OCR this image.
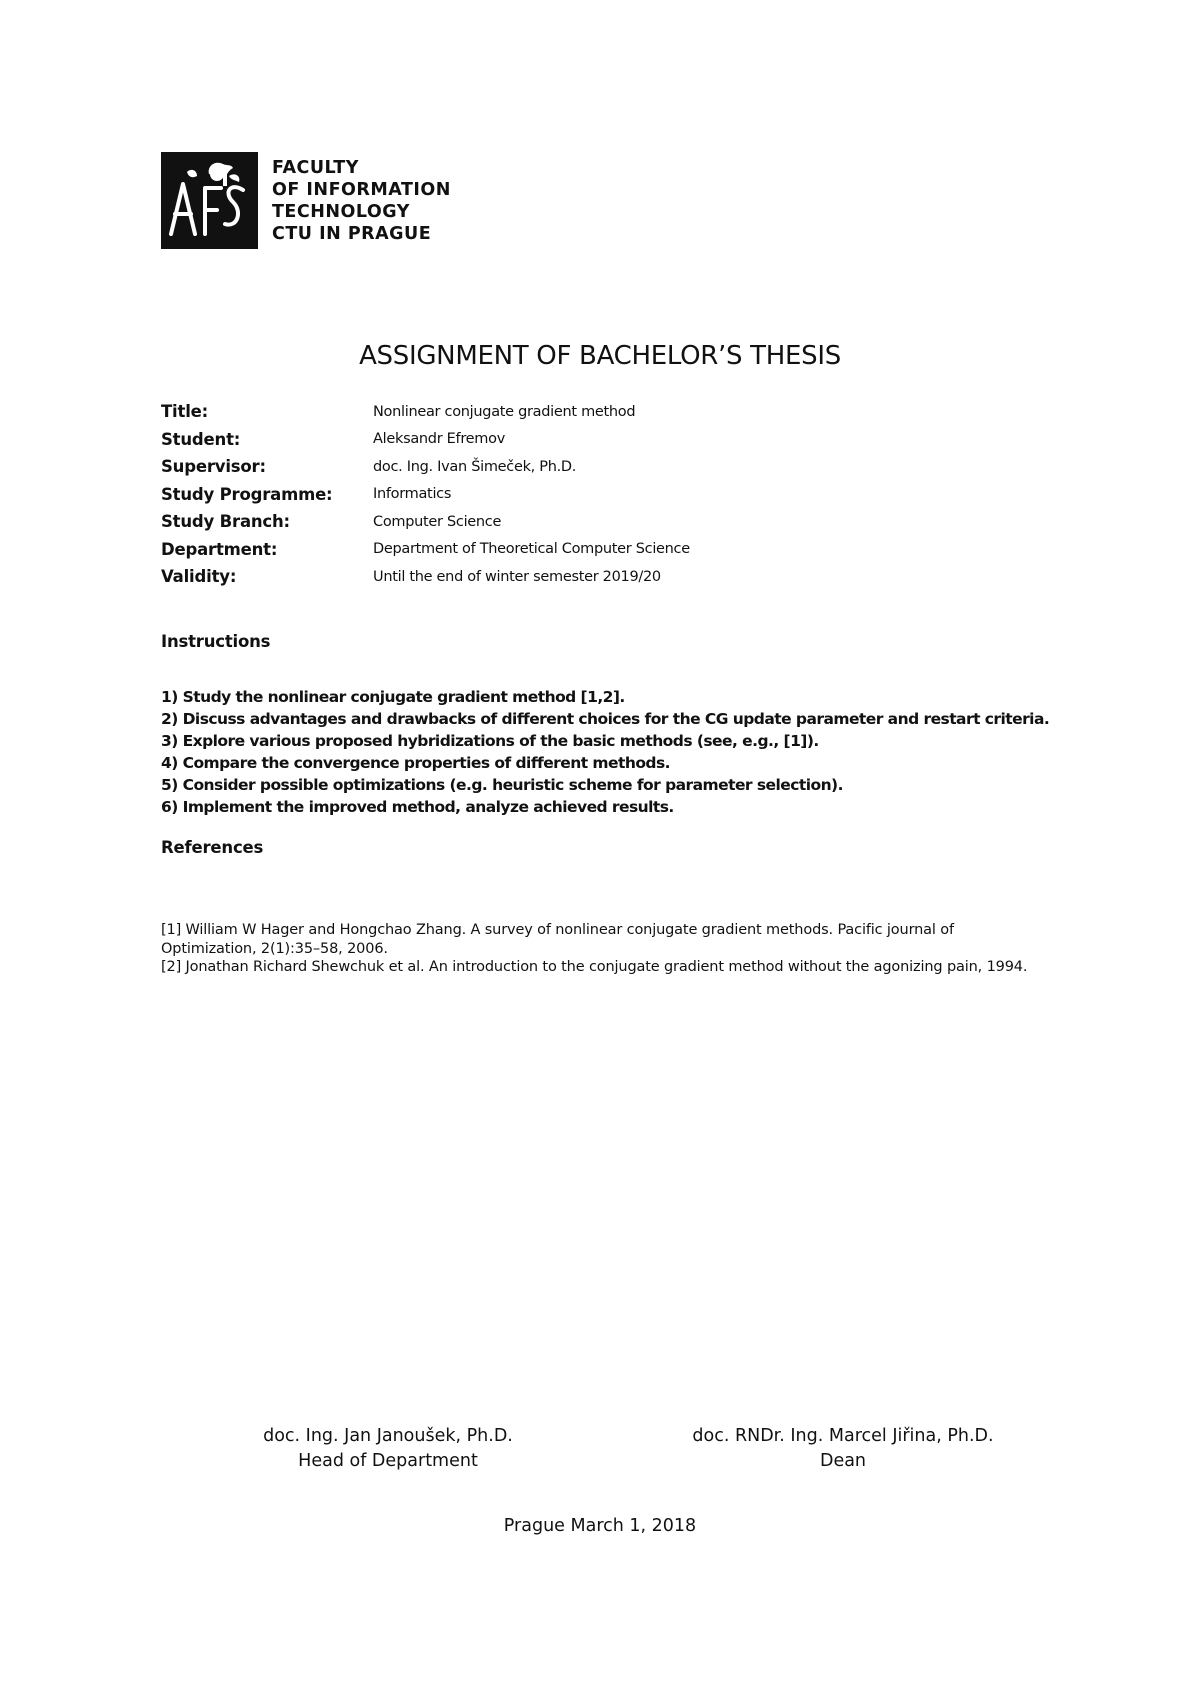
FACULTY
OF INFORMATION
TECHNOLOGY
CTU IN PRAGUE
ASSIGNMENT OF BACHELOR’S THESIS
Title:	Nonlinear conjugate gradient method
Student:	Aleksandr Efremov
Supervisor:	doc. Ing. Ivan Šimeček, Ph.D.
Study Programme:	Informatics
Study Branch:	Computer Science
Department:	Department of Theoretical Computer Science
Validity:	Until the end of winter semester 2019/20
Instructions
1) Study the nonlinear conjugate gradient method [1,2].
2) Discuss advantages and drawbacks of different choices for the CG update parameter and restart criteria.
3) Explore various proposed hybridizations of the basic methods (see, e.g., [1]).
4) Compare the convergence properties of different methods.
5) Consider possible optimizations (e.g. heuristic scheme for parameter selection).
6) Implement the improved method, analyze achieved results.
References
[1] William W Hager and Hongchao Zhang. A survey of nonlinear conjugate gradient methods. Pacific journal of Optimization, 2(1):35–58, 2006.
[2] Jonathan Richard Shewchuk et al. An introduction to the conjugate gradient method without the agonizing pain, 1994.
doc. Ing. Jan Janoušek, Ph.D.
Head of Department
doc. RNDr. Ing. Marcel Jiřina, Ph.D.
Dean
Prague March 1, 2018
